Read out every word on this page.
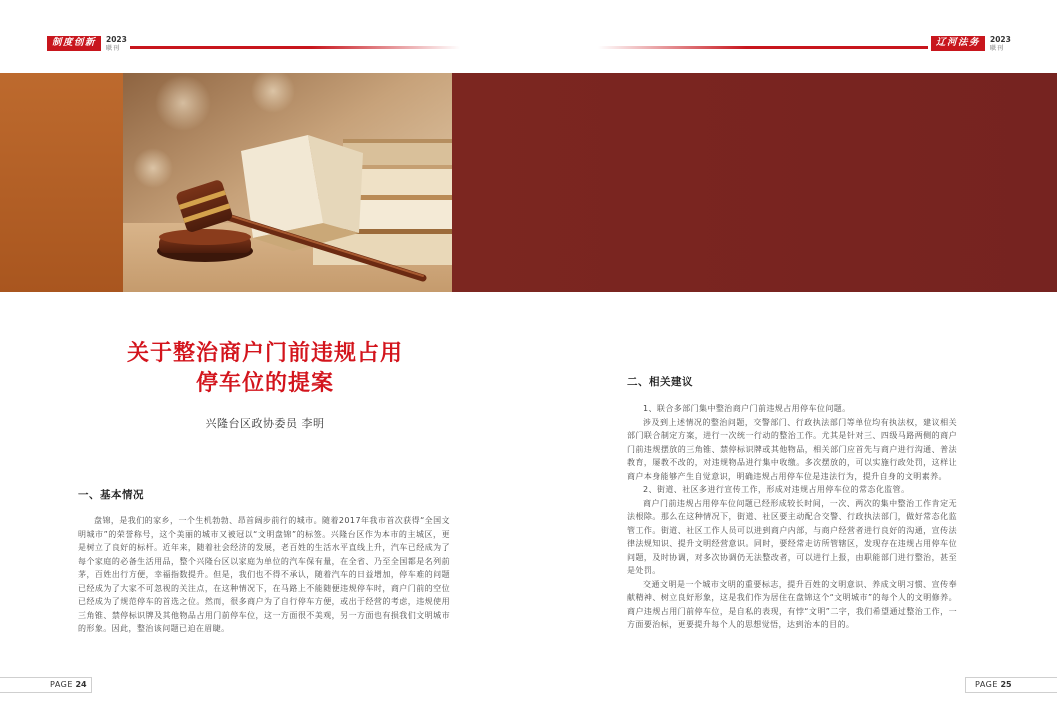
制度创新	2023
联刊
辽河法务	2023
联刊
关于整治商户门前违规占用
停车位的提案
兴隆台区政协委员 李明
一、基本情况

盘锦，是我们的家乡，一个生机勃勃、昂首阔步前行的城市。随着2017年我市首次获得“全国文明城市”的荣誉称号，这个美丽的城市又被冠以“文明盘锦”的标签。兴隆台区作为本市的主城区，更是树立了良好的标杆。近年来，随着社会经济的发展，老百姓的生活水平直线上升，汽车已经成为了每个家庭的必备生活用品，整个兴隆台区以家庭为单位的汽车保有量，在全省、乃至全国都是名列前茅，百姓出行方便，幸福指数提升。但是，我们也不得不承认，随着汽车的日益增加，停车难的问题已经成为了大家不可忽视的关注点，在这种情况下，在马路上不能随便违规停车时，商户门前的空位已经成为了规范停车的首选之位。然而，很多商户为了自行停车方便，或出于经营的考虑，违规使用三角锥、禁停标识牌及其他物品占用门前停车位，这一方面很不美观，另一方面也有损我们文明城市的形象。因此，整治该问题已迫在眉睫。

二、相关建议

1、联合多部门集中整治商户门前违规占用停车位问题。

涉及到上述情况的整治问题，交警部门、行政执法部门等单位均有执法权，建议相关部门联合制定方案，进行一次统一行动的整治工作。尤其是针对三、四级马路两侧的商户门前违规摆放的三角锥、禁停标识牌或其他物品，相关部门应首先与商户进行沟通、普法教育，屡教不改的，对违规物品进行集中收缴。多次摆放的，可以实施行政处罚，这样让商户本身能够产生自觉意识，明确违规占用停车位是违法行为，提升自身的文明素养。

2、街道、社区多进行宣传工作，形成对违规占用停车位的常态化监管。

商户门前违规占用停车位问题已经形成较长时间，一次、两次的集中整治工作肯定无法根除。那么在这种情况下，街道、社区要主动配合交警、行政执法部门，做好常态化监管工作。街道、社区工作人员可以进到商户内部，与商户经营者进行良好的沟通，宣传法律法规知识、提升文明经营意识。同时，要经常走访所管辖区，发现存在违规占用停车位问题，及时协调，对多次协调仍无法整改者，可以进行上报，由职能部门进行整治，甚至是处罚。

交通文明是一个城市文明的重要标志，提升百姓的文明意识、养成文明习惯、宣传奉献精神、树立良好形象，这是我们作为居住在盘锦这个“文明城市”的每个人的文明修养。商户违规占用门前停车位，是自私的表现，有悖“文明”二字，我们希望通过整治工作，一方面要治标，更要提升每个人的思想觉悟，达到治本的目的。

PAGE 24	PAGE 25
